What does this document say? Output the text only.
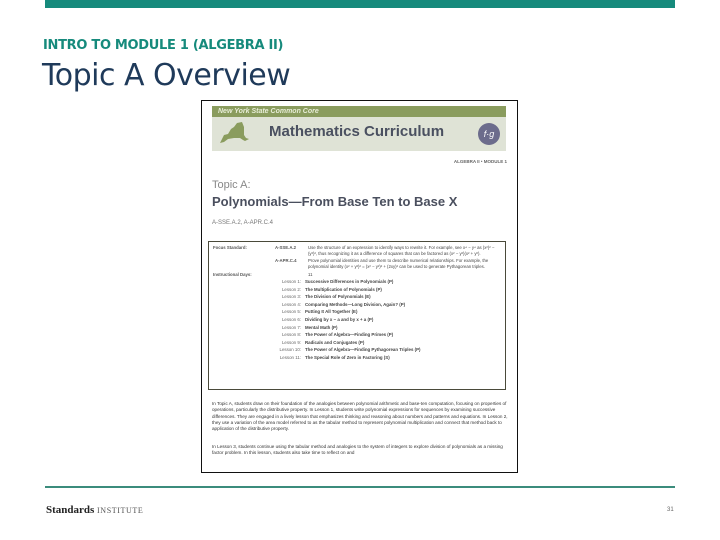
INTRO TO MODULE 1 (ALGEBRA II)
Topic A Overview
New York State Common Core
Mathematics Curriculum	f·g
ALGEBRA II • MODULE 1
Topic A:
Polynomials—From Base Ten to Base X
A-SSE.A.2, A-APR.C.4
Focus Standard:	A-SSE.A.2	Use the structure of an expression to identify ways to rewrite it. For example, see x⁴ − y⁴ as (x²)² − (y²)², thus recognizing it as a difference of squares that can be factored as (x² − y²)(x² + y²).
A-APR.C.4	Prove polynomial identities and use them to describe numerical relationships. For example, the polynomial identity (x² + y²)² = (x² − y²)² + (2xy)² can be used to generate Pythagorean triples.
Instructional Days:	11
Lesson 1: Successive Differences in Polynomials (P)
Lesson 2: The Multiplication of Polynomials (P)
Lesson 3: The Division of Polynomials (E)
Lesson 4: Comparing Methods—Long Division, Again? (P)
Lesson 5: Putting It All Together (E)
Lesson 6: Dividing by x − a and by x + a (P)
Lesson 7: Mental Math (P)
Lesson 8: The Power of Algebra—Finding Primes (P)
Lesson 9: Radicals and Conjugates (P)
Lesson 10: The Power of Algebra—Finding Pythagorean Triples (P)
Lesson 11: The Special Role of Zero in Factoring (S)
In Topic A, students draw on their foundation of the analogies between polynomial arithmetic and base-ten computation, focusing on properties of operations, particularly the distributive property. In Lesson 1, students write polynomial expressions for sequences by examining successive differences. They are engaged in a lively lesson that emphasizes thinking and reasoning about numbers and patterns and equations. In Lesson 2, they use a variation of the area model referred to as the tabular method to represent polynomial multiplication and connect that method back to application of the distributive property.
In Lesson 3, students continue using the tabular method and analogies to the system of integers to explore division of polynomials as a missing factor problem. In this lesson, students also take time to reflect on and
Standards INSTITUTE	31
